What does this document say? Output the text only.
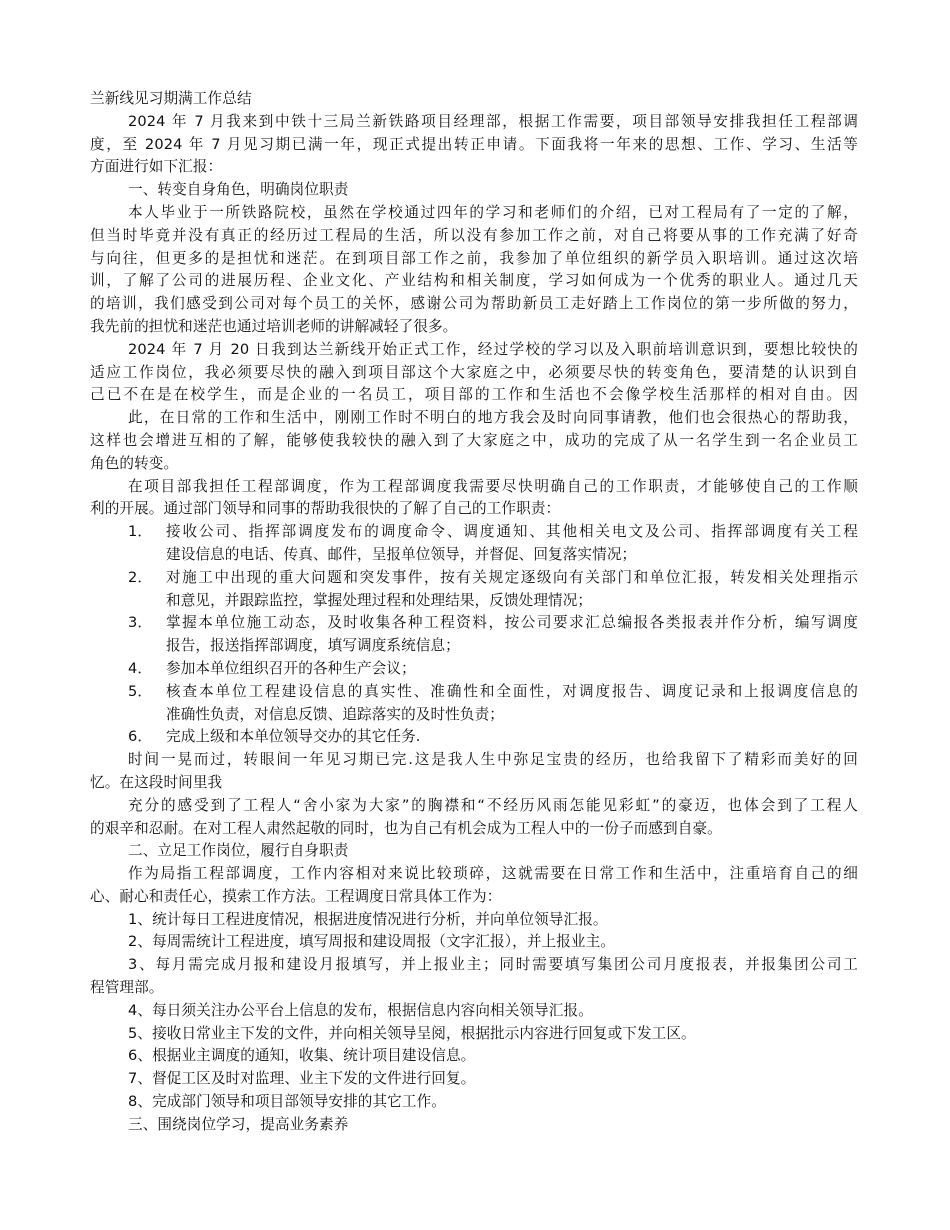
兰新线见习期满工作总结
2024 年 7 月我来到中铁十三局兰新铁路项目经理部，根据工作需要，项目部领导安排我担任工程部调
度，至 2024 年 7 月见习期已满一年，现正式提出转正申请。下面我将一年来的思想、工作、学习、生活等
方面进行如下汇报：
一、转变自身角色，明确岗位职责
本人毕业于一所铁路院校，虽然在学校通过四年的学习和老师们的介绍，已对工程局有了一定的了解，
但当时毕竟并没有真正的经历过工程局的生活，所以没有参加工作之前，对自己将要从事的工作充满了好奇
与向往，但更多的是担忧和迷茫。在到项目部工作之前，我参加了单位组织的新学员入职培训。通过这次培
训，了解了公司的进展历程、企业文化、产业结构和相关制度，学习如何成为一个优秀的职业人。通过几天
的培训，我们感受到公司对每个员工的关怀，感谢公司为帮助新员工走好踏上工作岗位的第一步所做的努力，
我先前的担忧和迷茫也通过培训老师的讲解减轻了很多。
2024 年 7 月 20 日我到达兰新线开始正式工作，经过学校的学习以及入职前培训意识到，要想比较快的
适应工作岗位，我必须要尽快的融入到项目部这个大家庭之中，必须要尽快的转变角色，要清楚的认识到自
己已不在是在校学生，而是企业的一名员工，项目部的工作和生活也不会像学校生活那样的相对自由。因
此，在日常的工作和生活中，刚刚工作时不明白的地方我会及时向同事请教，他们也会很热心的帮助我，
这样也会增进互相的了解，能够使我较快的融入到了大家庭之中，成功的完成了从一名学生到一名企业员工
角色的转变。
在项目部我担任工程部调度，作为工程部调度我需要尽快明确自己的工作职责，才能够使自己的工作顺
利的开展。通过部门领导和同事的帮助我很快的了解了自己的工作职责：
1． 接收公司、指挥部调度发布的调度命令、调度通知、其他相关电文及公司、指挥部调度有关工程
建设信息的电话、传真、邮件，呈报单位领导，并督促、回复落实情况；
2． 对施工中出现的重大问题和突发事件，按有关规定逐级向有关部门和单位汇报，转发相关处理指示
和意见，并跟踪监控，掌握处理过程和处理结果，反馈处理情况；
3． 掌握本单位施工动态，及时收集各种工程资料，按公司要求汇总编报各类报表并作分析，编写调度
报告，报送指挥部调度，填写调度系统信息；
4． 参加本单位组织召开的各种生产会议；
5． 核查本单位工程建设信息的真实性、准确性和全面性，对调度报告、调度记录和上报调度信息的
准确性负责，对信息反馈、追踪落实的及时性负责；
6． 完成上级和本单位领导交办的其它任务.
时间一晃而过，转眼间一年见习期已完.这是我人生中弥足宝贵的经历，也给我留下了精彩而美好的回
忆。在这段时间里我
充分的感受到了工程人“舍小家为大家”的胸襟和“不经历风雨怎能见彩虹”的豪迈，也体会到了工程人
的艰辛和忍耐。在对工程人肃然起敬的同时，也为自己有机会成为工程人中的一份子而感到自豪。
二、立足工作岗位，履行自身职责
作为局指工程部调度，工作内容相对来说比较琐碎，这就需要在日常工作和生活中，注重培育自己的细
心、耐心和责任心，摸索工作方法。工程调度日常具体工作为：
1、统计每日工程进度情况，根据进度情况进行分析，并向单位领导汇报。
2、每周需统计工程进度，填写周报和建设周报（文字汇报），并上报业主。
3、每月需完成月报和建设月报填写，并上报业主；同时需要填写集团公司月度报表，并报集团公司工
程管理部。
4、每日须关注办公平台上信息的发布，根据信息内容向相关领导汇报。
5、接收日常业主下发的文件，并向相关领导呈阅，根据批示内容进行回复或下发工区。
6、根据业主调度的通知，收集、统计项目建设信息。
7、督促工区及时对监理、业主下发的文件进行回复。
8、完成部门领导和项目部领导安排的其它工作。
三、围绕岗位学习，提高业务素养
